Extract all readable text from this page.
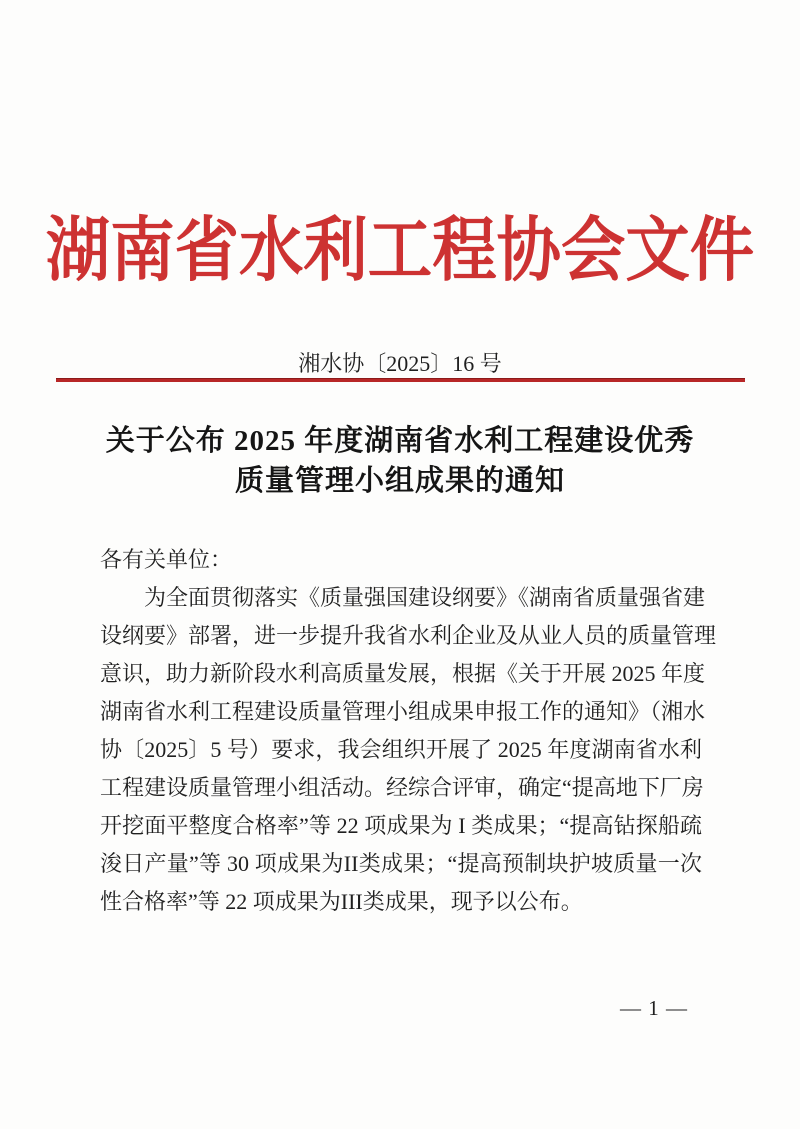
湖南省水利工程协会文件
湘水协〔2025〕16 号
关于公布 2025 年度湖南省水利工程建设优秀
质量管理小组成果的通知
各有关单位：
为全面贯彻落实《质量强国建设纲要》《湖南省质量强省建
设纲要》部署，进一步提升我省水利企业及从业人员的质量管理
意识，助力新阶段水利高质量发展，根据《关于开展 2025 年度
湖南省水利工程建设质量管理小组成果申报工作的通知》（湘水
协〔2025〕5 号）要求，我会组织开展了 2025 年度湖南省水利
工程建设质量管理小组活动。经综合评审，确定“提高地下厂房
开挖面平整度合格率”等 22 项成果为 I 类成果；“提高钻探船疏
浚日产量”等 30 项成果为II类成果；“提高预制块护坡质量一次
性合格率”等 22 项成果为III类成果，现予以公布。
— 1 —
